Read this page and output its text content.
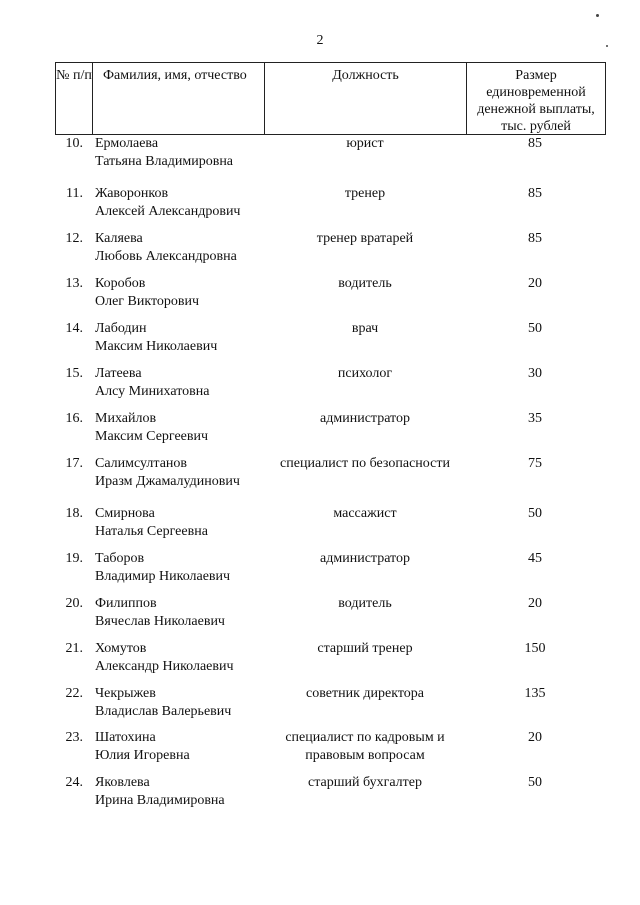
2
№ п/п Фамилия, имя, отчество	Должность	Размер
единовременной
денежной выплаты,
тыс. рублей
10. Ермолаева
Татьяна Владимировна
юрист	85
11. Жаворонков
Алексей Александрович
тренер	85
12. Каляева
Любовь Александровна
тренер вратарей	85
13. Коробов
Олег Викторович
водитель	20
14. Лабодин
Максим Николаевич
врач	50
15. Латеева
Алсу Минихатовна
психолог	30
16. Михайлов
Максим Сергеевич
администратор	35
17. Салимсултанов
Иразм Джамалудинович
специалист по безопасности	75
18. Смирнова
Наталья Сергеевна
массажист	50
19. Таборов
Владимир Николаевич
администратор	45
20. Филиппов
Вячеслав Николаевич
водитель	20
21. Хомутов
Александр Николаевич
старший тренер	150
22. Чекрыжев
Владислав Валерьевич
советник директора	135
23. Шатохина
Юлия Игоревна
специалист по кадровым и
правовым вопросам
20
24. Яковлева
Ирина Владимировна
старший бухгалтер	50
